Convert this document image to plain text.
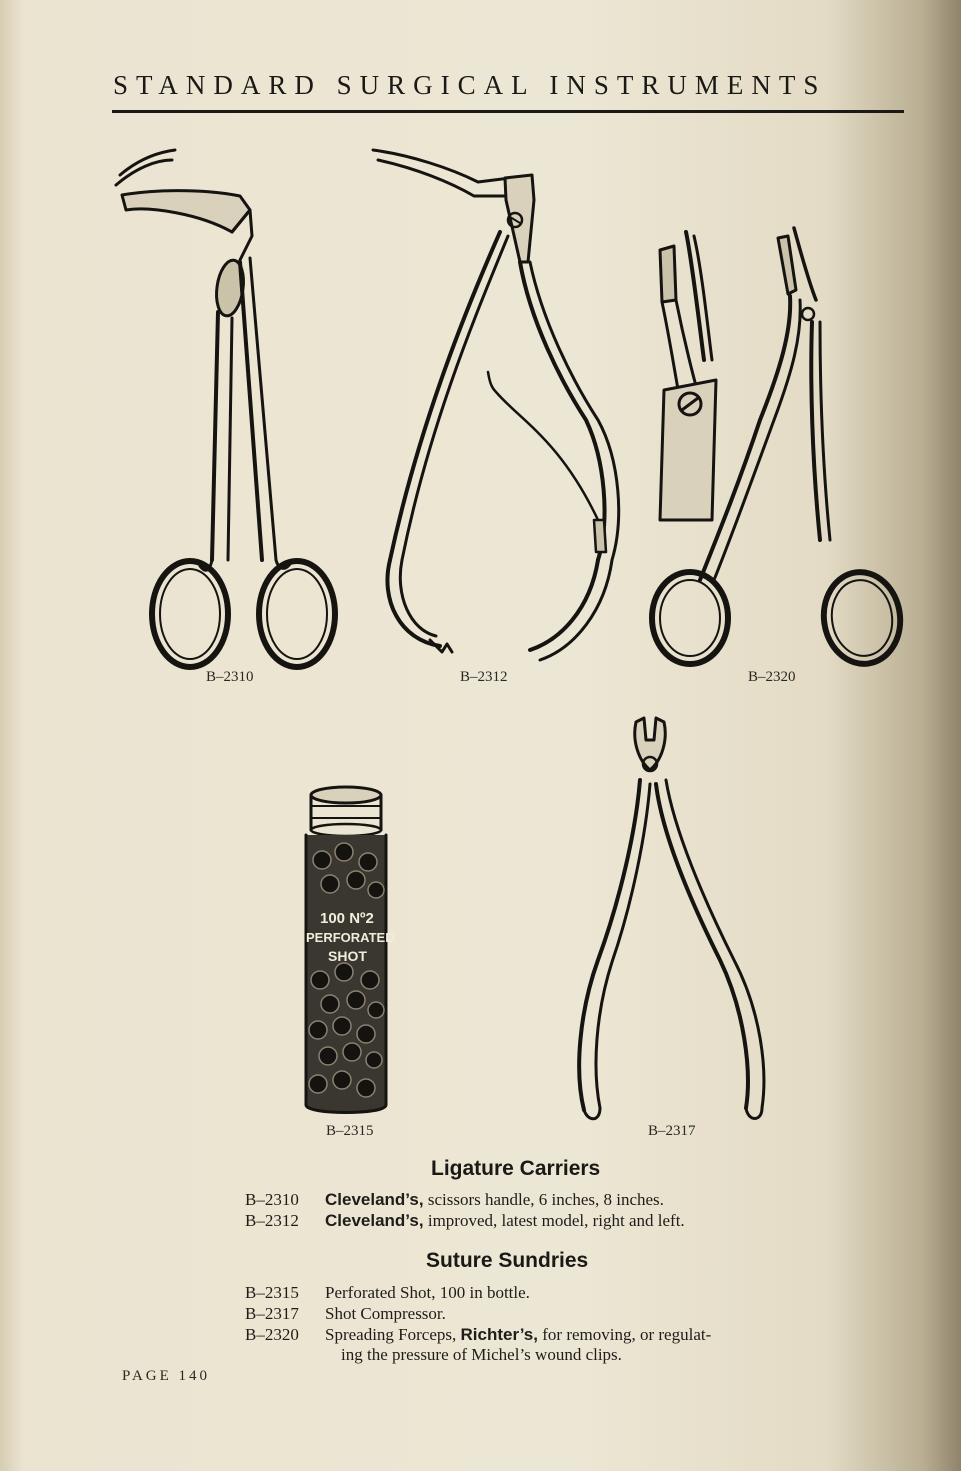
STANDARD SURGICAL INSTRUMENTS
100 Nº2
PERFORATED
SHOT
B–2310	B–2312	B–2320
B–2315	B–2317
Ligature Carriers
B–2310 Cleveland’s, scissors handle, 6 inches, 8 inches.
B–2312 Cleveland’s, improved, latest model, right and left.
Suture Sundries
B–2315 Perforated Shot, 100 in bottle.
B–2317 Shot Compressor.
B–2320 Spreading Forceps, Richter’s, for removing, or regulat-
ing the pressure of Michel’s wound clips.
PAGE 140
